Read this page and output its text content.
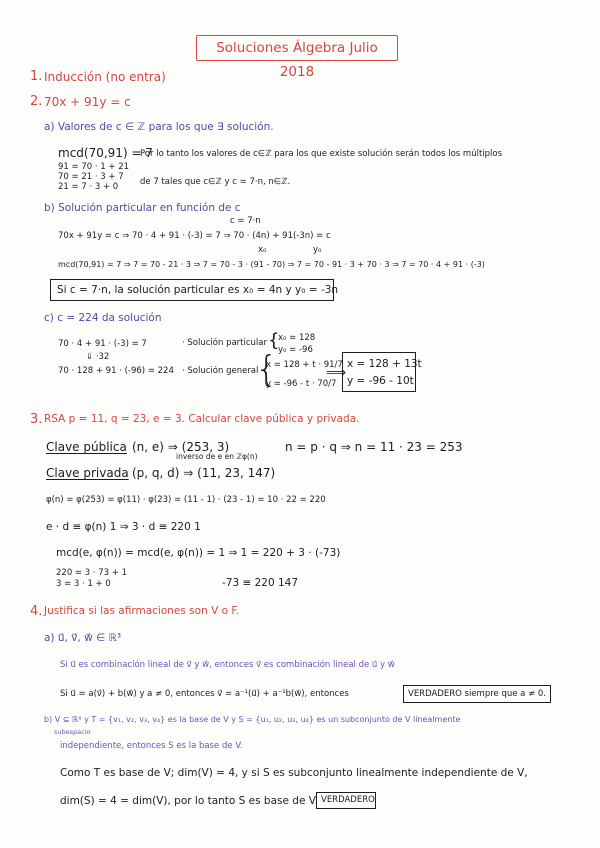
Soluciones Álgebra Julio 2018
1. Inducción (no entra)
2. 70x + 91y = c
a) Valores de c ∈ ℤ para los que ∃ solución.
mcd(70,91) = 7
Por lo tanto los valores de c∈ℤ para los que existe solución serán todos los múltiplos
91 = 70 · 1 + 21
70 = 21 · 3 + 7
21 = 7 · 3 + 0	de 7 tales que c∈ℤ y c = 7·n, n∈ℤ.
b) Solución particular en función de c
c = 7·n
70x + 91y = c ⇒ 70 · 4 + 91 · (-3) = 7 ⇒ 70 · (4n) + 91(-3n) = c
x₀	y₀
mcd(70,91) = 7 ⇒ 7 = 70 - 21 · 3 ⇒ 7 = 70 - 3 · (91 - 70) ⇒ 7 = 70 - 91 · 3 + 70 · 3 ⇒ 7 = 70 · 4 + 91 · (-3)
Si c = 7·n, la solución particular es x₀ = 4n y y₀ = -3n
c) c = 224 da solución
70 · 4 + 91 · (-3) = 7
⇓ ·32
70 · 128 + 91 · (-96) = 224
· Solución particular {
x₀ = 128
y₀ = -96
· Solución general
{
x = 128 + t · 91/7
y = -96 - t · 70/7
⟹
x = 128 + 13t
y = -96 - 10t
3. RSA p = 11, q = 23, e = 3. Calcular clave pública y privada.
Clave pública (n, e) ⇒ (253, 3)	n = p · q ⇒ n = 11 · 23 = 253
inverso de e en ℤφ(n)
Clave privada (p, q, d) ⇒ (11, 23, 147)
φ(n) = φ(253) = φ(11) · φ(23) = (11 - 1) · (23 - 1) = 10 · 22 = 220
e · d ≡ φ(n) 1 ⇒ 3 · d ≡ 220 1
mcd(e, φ(n)) = mcd(e, φ(n)) = 1 ⇒ 1 = 220 + 3 · (-73)
220 = 3 · 73 + 1
3 = 3 · 1 + 0	-73 ≡ 220 147
4. Justifica si las afirmaciones son V o F.
a) u⃗, v⃗, w⃗ ∈ ℝ³
Si u⃗ es combinación lineal de v⃗ y w⃗, entonces v⃗ es combinación lineal de u⃗ y w⃗
Si u⃗ = a(v⃗) + b(w⃗) y a ≠ 0, entonces v⃗ = a⁻¹(u⃗) + a⁻¹b(w⃗), entonces	VERDADERO siempre que a ≠ 0.
b) V ⊆ ℝ⁸ y T = {v₁, v₂, v₃, v₄} es la base de V y S = {u₁, u₂, u₃, u₄} es un subconjunto de V linealmente
subespacio
independiente, entonces S es la base de V.
Como T es base de V; dim(V) = 4, y si S es subconjunto linealmente independiente de V,
dim(S) = 4 = dim(V), por lo tanto S es base de V. VERDADERO
